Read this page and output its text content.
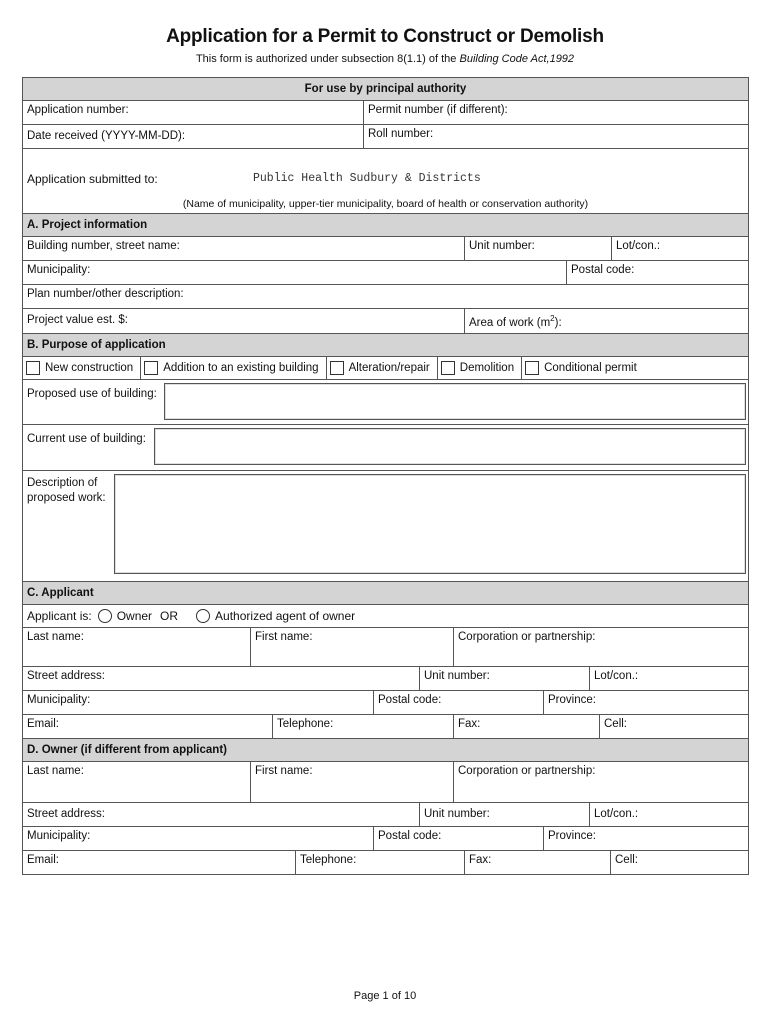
Application for a Permit to Construct or Demolish
This form is authorized under subsection 8(1.1) of the Building Code Act,1992
For use by principal authority
Application number:	Permit number (if different):
Date received (YYYY-MM-DD):	Roll number:
Application submitted to:	Public Health Sudbury & Districts
(Name of municipality, upper-tier municipality, board of health or conservation authority)
A. Project information
Building number, street name:	Unit number:	Lot/con.:
Municipality:	Postal code:
Plan number/other description:
Project value est. $:	Area of work $(m^2)$:
B. Purpose of application
New construction	Addition to an existing building	Alteration/repair	Demolition	Conditional permit
Proposed use of building:
Current use of building:
Description of
proposed work:
C. Applicant
Applicant is: Owner OR	Authorized agent of owner
Last name:	First name:	Corporation or partnership:
Street address:	Unit number:	Lot/con.:
Municipality:	Postal code:	Province:
Email:	Telephone:	Fax:	Cell:
D. Owner (if different from applicant)
Last name:	First name:	Corporation or partnership:
Street address:	Unit number:	Lot/con.:
Municipality:	Postal code:	Province:
Email:	Telephone:	Fax:	Cell:
Page 1 of 10
